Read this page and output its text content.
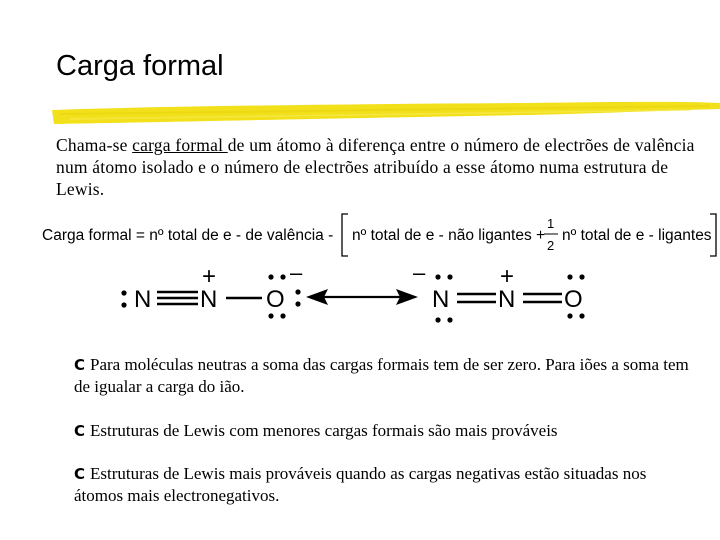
Carga formal
Chama-se carga formal de um átomo à diferença entre o número de electrões de valência num átomo isolado e o número de electrões atribuído a esse átomo numa estrutura de Lewis.
Carga formal = nº total de e - de valência - nº total de e - não ligantes +
1
2
nº total de e - ligantes
N N
+
O
–	–
N N
+
O
C Para moléculas neutras a soma das cargas formais tem de ser zero. Para iões a soma tem de igualar a carga do ião.
C Estruturas de Lewis com menores cargas formais são mais prováveis
C Estruturas de Lewis mais prováveis quando as cargas negativas estão situadas nos átomos mais electronegativos.
